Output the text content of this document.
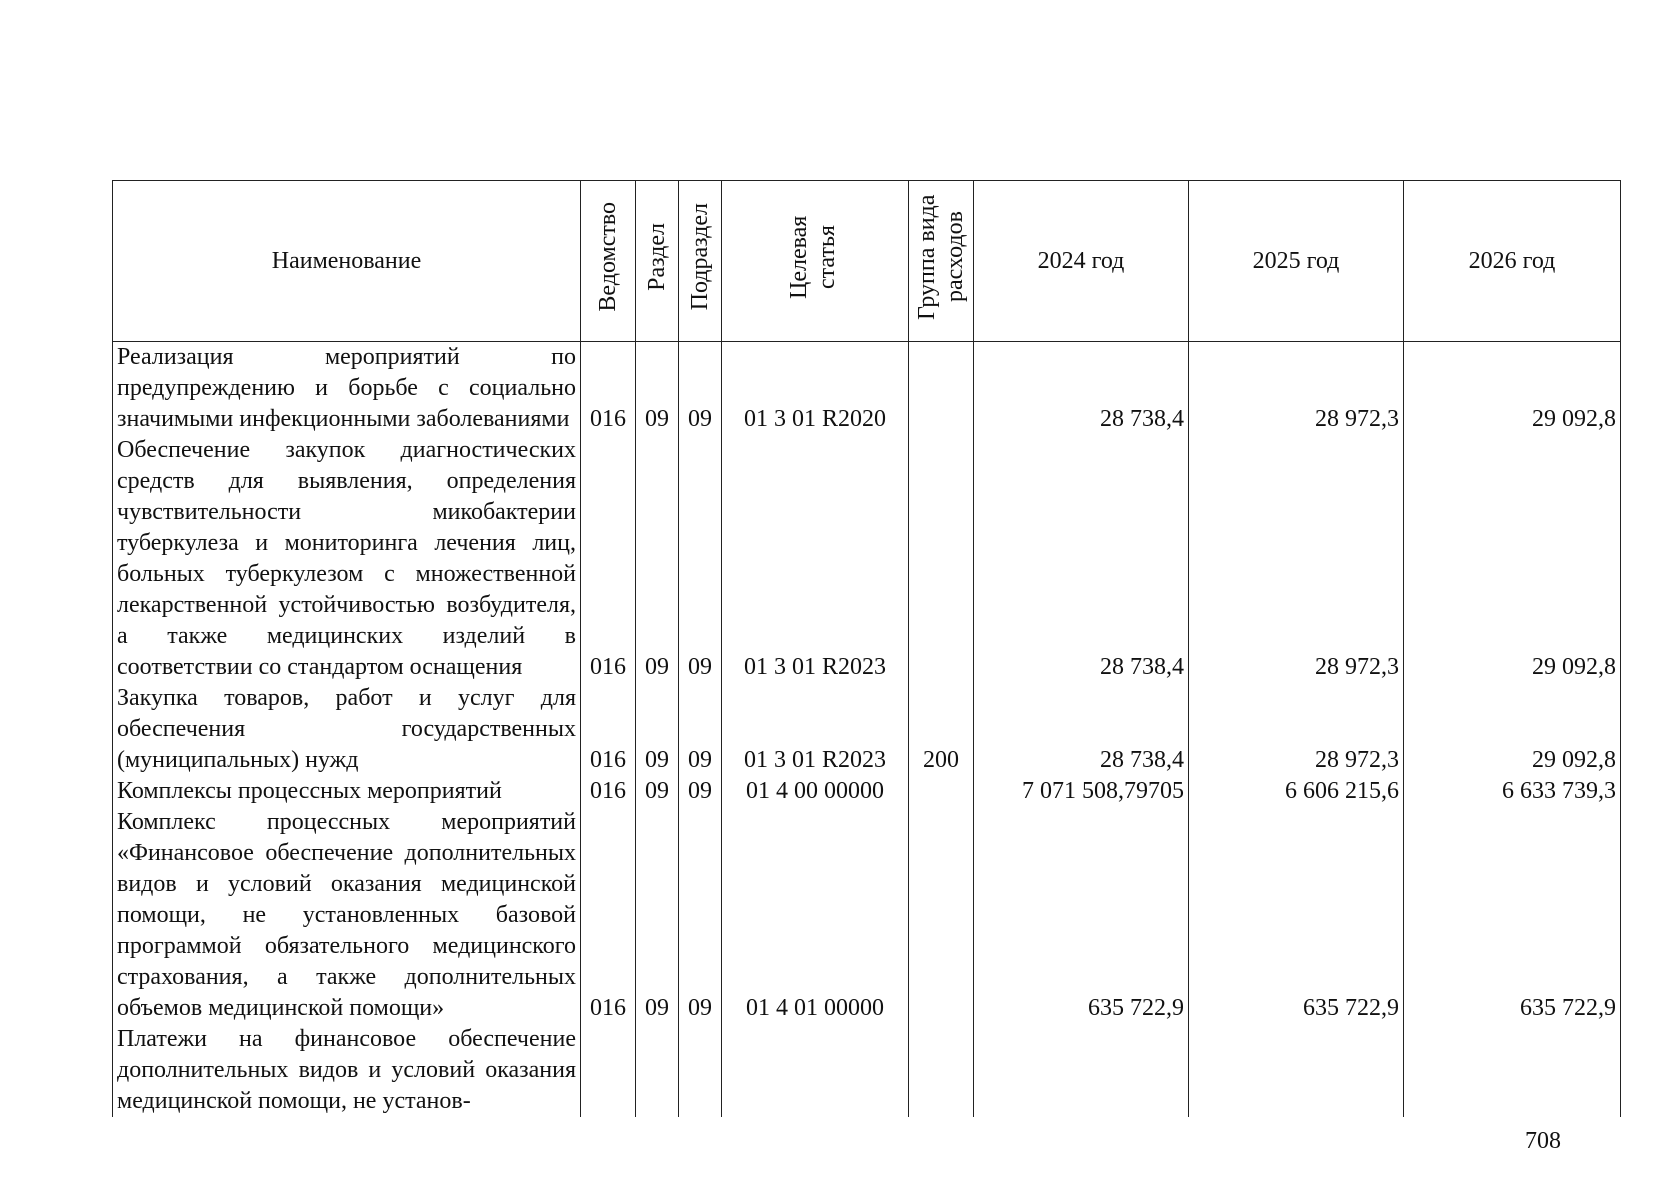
Наименование	Ведомство	Раздел	Подраздел	Целевая статья	Группа вида расходов	2024 год	2025 год	2026 год
Реализация мероприятий по предупреждению и борьбе с социально значимыми инфекционными заболеваниями	016	09	09	01 3 01 R2020		28 738,4	28 972,3	29 092,8
Обеспечение закупок диагностических средств для выявления, определения чувствительности микобактерии туберкулеза и мониторинга лечения лиц, больных туберкулезом с множественной лекарственной устойчивостью возбудителя, а также медицинских изделий в соответствии со стандартом оснащения	016	09	09	01 3 01 R2023		28 738,4	28 972,3	29 092,8
Закупка товаров, работ и услуг для обеспечения государственных (муниципальных) нужд	016	09	09	01 3 01 R2023	200	28 738,4	28 972,3	29 092,8
Комплексы процессных мероприятий	016	09	09	01 4 00 00000		7 071 508,79705	6 606 215,6	6 633 739,3
Комплекс процессных мероприятий «Финансовое обеспечение дополнительных видов и условий оказания медицинской помощи, не установленных базовой программой обязательного медицинского страхования, а также дополнительных объемов медицинской помощи»	016	09	09	01 4 01 00000		635 722,9	635 722,9	635 722,9
Платежи на финансовое обеспечение дополнительных видов и условий оказания медицинской помощи, не установ-								
708
